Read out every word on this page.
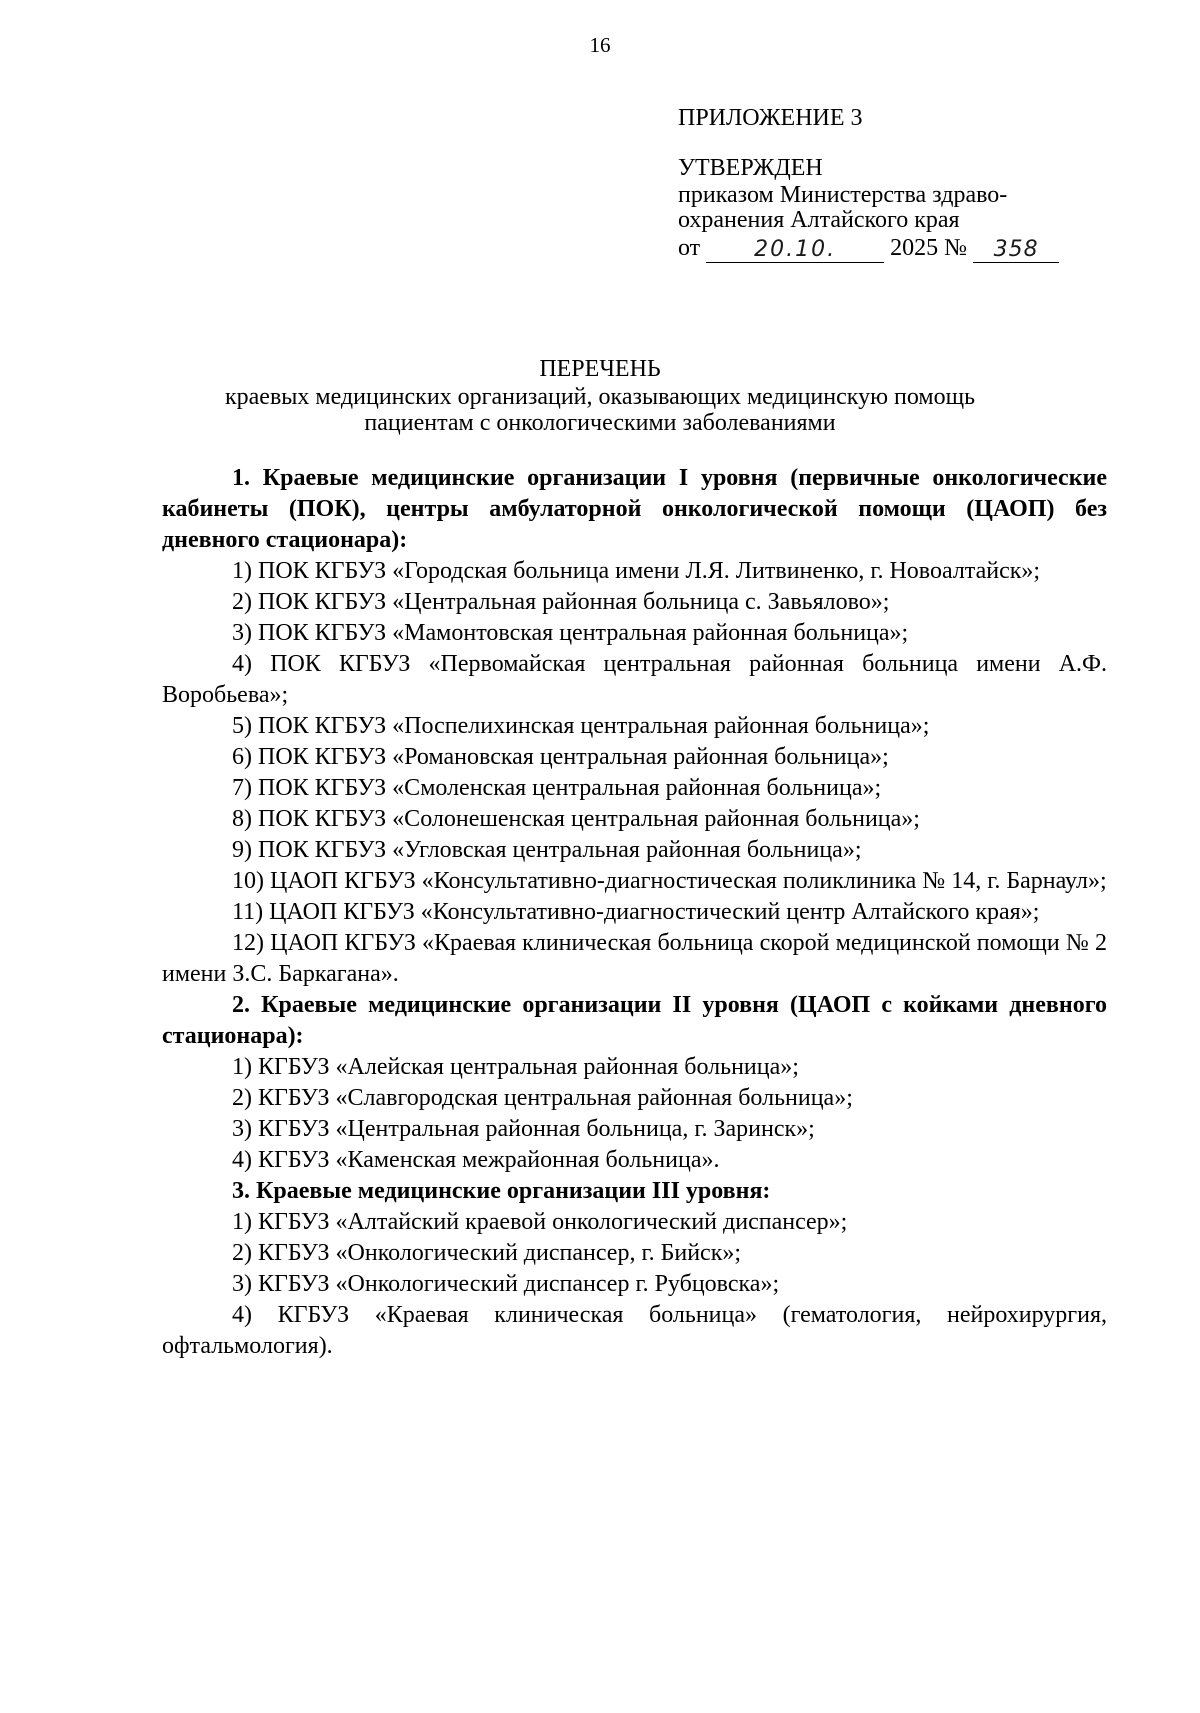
16

ПРИЛОЖЕНИЕ 3

УТВЕРЖДЕН

приказом Министерства здраво-

охранения Алтайского края

от	20.10.	2025 №	358

ПЕРЕЧЕНЬ

краевых медицинских организаций, оказывающих медицинскую помощь

пациентам с онкологическими заболеваниями

1. Краевые медицинские организации I уровня (первичные онкологические кабинеты (ПОК), центры амбулаторной онкологической помощи (ЦАОП) без дневного стационара):

1) ПОК КГБУЗ «Городская больница имени Л.Я. Литвиненко, г. Новоалтайск»;

2) ПОК КГБУЗ «Центральная районная больница с. Завьялово»;

3) ПОК КГБУЗ «Мамонтовская центральная районная больница»;

4) ПОК КГБУЗ «Первомайская центральная районная больница имени А.Ф. Воробьева»;

5) ПОК КГБУЗ «Поспелихинская центральная районная больница»;

6) ПОК КГБУЗ «Романовская центральная районная больница»;

7) ПОК КГБУЗ «Смоленская центральная районная больница»;

8) ПОК КГБУЗ «Солонешенская центральная районная больница»;

9) ПОК КГБУЗ «Угловская центральная районная больница»;

10) ЦАОП КГБУЗ «Консультативно-диагностическая поликлиника № 14, г. Барнаул»;

11) ЦАОП КГБУЗ «Консультативно-диагностический центр Алтайского края»;

12) ЦАОП КГБУЗ «Краевая клиническая больница скорой медицинской помощи № 2 имени З.С. Баркагана».

2. Краевые медицинские организации II уровня (ЦАОП с койками дневного стационара):

1) КГБУЗ «Алейская центральная районная больница»;

2) КГБУЗ «Славгородская центральная районная больница»;

3) КГБУЗ «Центральная районная больница, г. Заринск»;

4) КГБУЗ «Каменская межрайонная больница».

3. Краевые медицинские организации III уровня:

1) КГБУЗ «Алтайский краевой онкологический диспансер»;

2) КГБУЗ «Онкологический диспансер, г. Бийск»;

3) КГБУЗ «Онкологический диспансер г. Рубцовска»;

4) КГБУЗ «Краевая клиническая больница» (гематология, нейрохирургия, офтальмология).
